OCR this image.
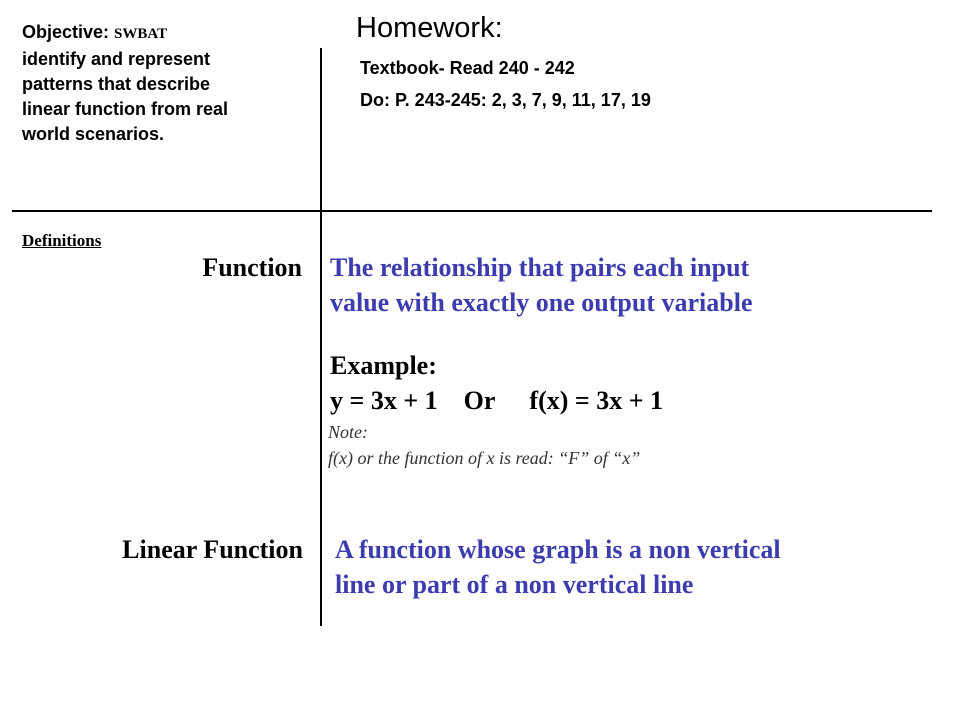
Objective: SWBAT
identify and represent
patterns that describe
linear function from real
world scenarios.
Homework:
Textbook- Read 240 - 242
Do: P. 243-245: 2, 3, 7, 9, 11, 17, 19
Definitions
Function The relationship that pairs each input
value with exactly one output variable
Example:
y = 3x + 1 Or f(x) = 3x + 1
Note:
f(x) or the function of x is read: “F” of “x”
Linear Function A function whose graph is a non vertical
line or part of a non vertical line
